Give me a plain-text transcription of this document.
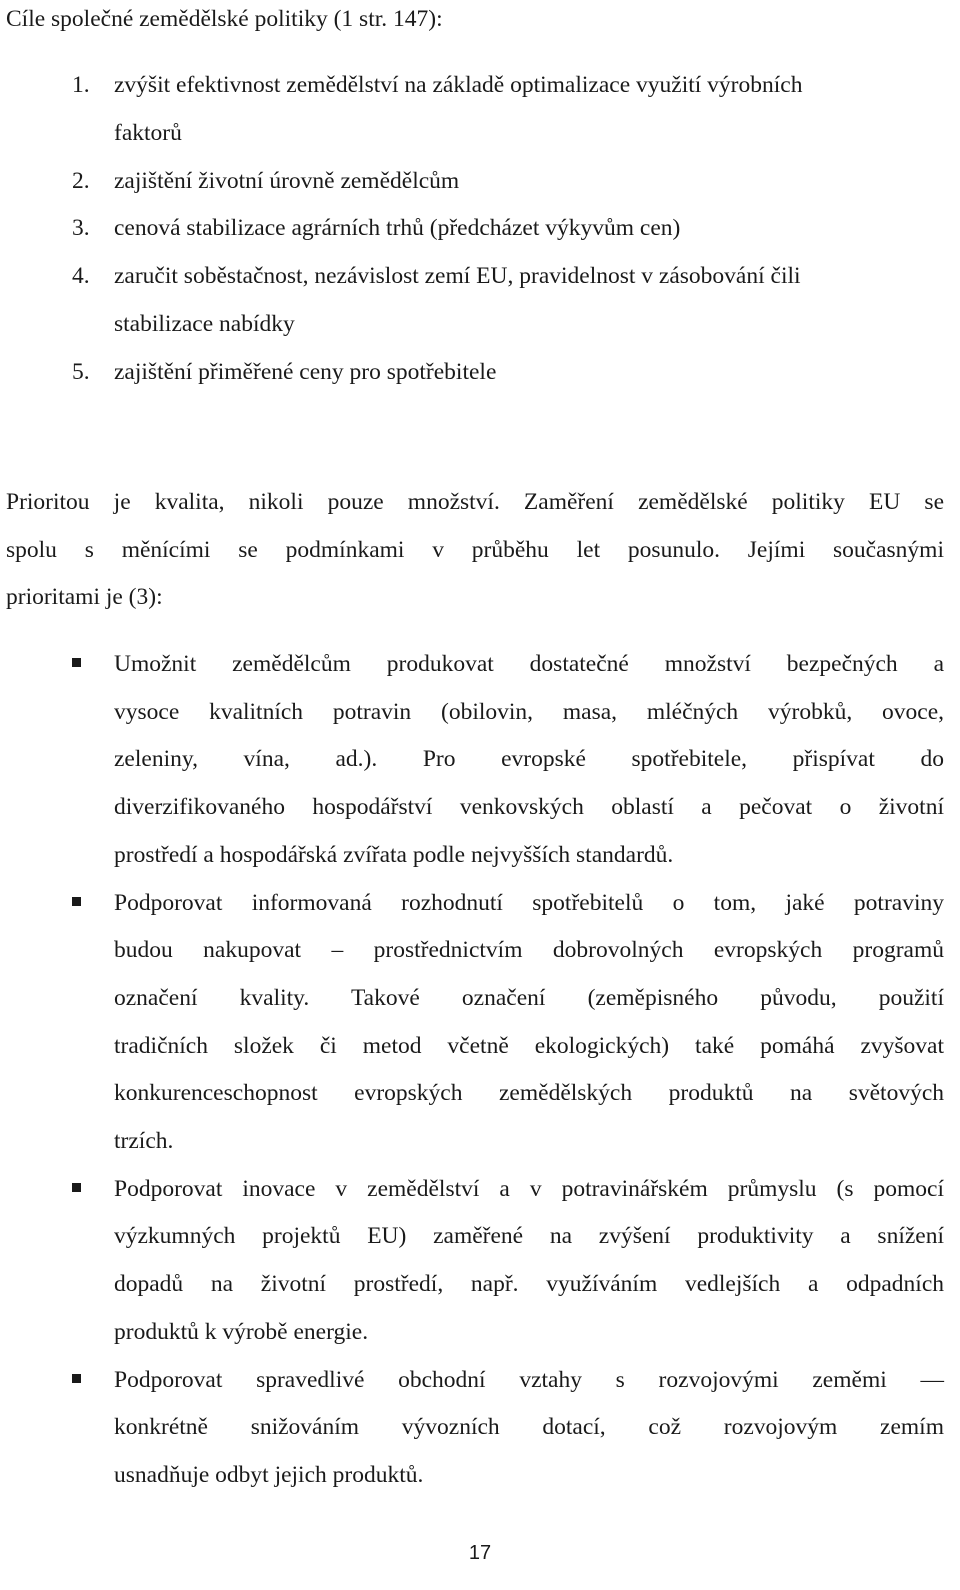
Cíle společné zemědělské politiky (1 str. 147):
1. zvýšit efektivnost zemědělství na základě optimalizace využití výrobních
faktorů
2. zajištění životní úrovně zemědělcům
3. cenová stabilizace agrárních trhů (předcházet výkyvům cen)
4. zaručit soběstačnost, nezávislost zemí EU, pravidelnost v zásobování čili
stabilizace nabídky
5. zajištění přiměřené ceny pro spotřebitele

Prioritou je kvalita, nikoli pouze množství. Zaměření zemědělské politiky EU se
spolu s měnícími se podmínkami v průběhu let posunulo. Jejími současnými
prioritami je (3):

Umožnit zemědělcům produkovat dostatečné množství bezpečných a
vysoce kvalitních potravin (obilovin, masa, mléčných výrobků, ovoce,
zeleniny, vína, ad.). Pro evropské spotřebitele, přispívat do
diverzifikovaného hospodářství venkovských oblastí a pečovat o životní
prostředí a hospodářská zvířata podle nejvyšších standardů.
Podporovat informovaná rozhodnutí spotřebitelů o tom, jaké potraviny
budou nakupovat – prostřednictvím dobrovolných evropských programů
označení kvality. Takové označení (zeměpisného původu, použití
tradičních složek či metod včetně ekologických) také pomáhá zvyšovat
konkurenceschopnost evropských zemědělských produktů na světových
trzích.
Podporovat inovace v zemědělství a v potravinářském průmyslu (s pomocí
výzkumných projektů EU) zaměřené na zvýšení produktivity a snížení
dopadů na životní prostředí, např. využíváním vedlejších a odpadních
produktů k výrobě energie.
Podporovat spravedlivé obchodní vztahy s rozvojovými zeměmi —
konkrétně snižováním vývozních dotací, což rozvojovým zemím
usnadňuje odbyt jejich produktů.
17
